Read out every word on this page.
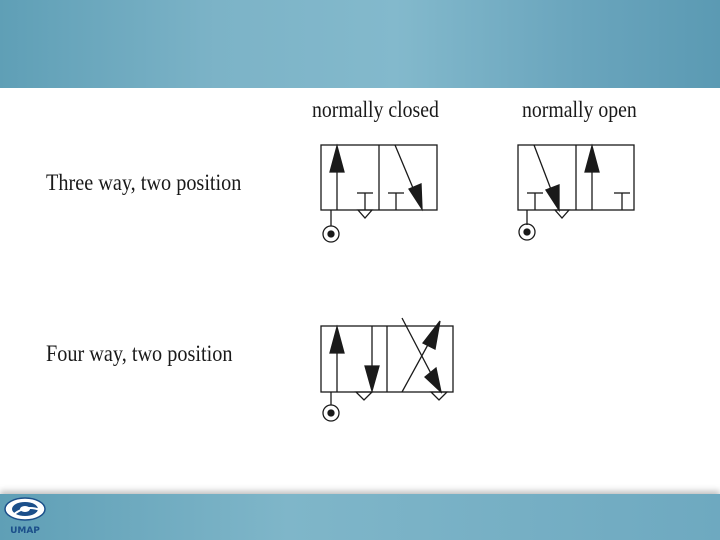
normally closed	normally open
Three way, two position
Four way, two position
UMAP
